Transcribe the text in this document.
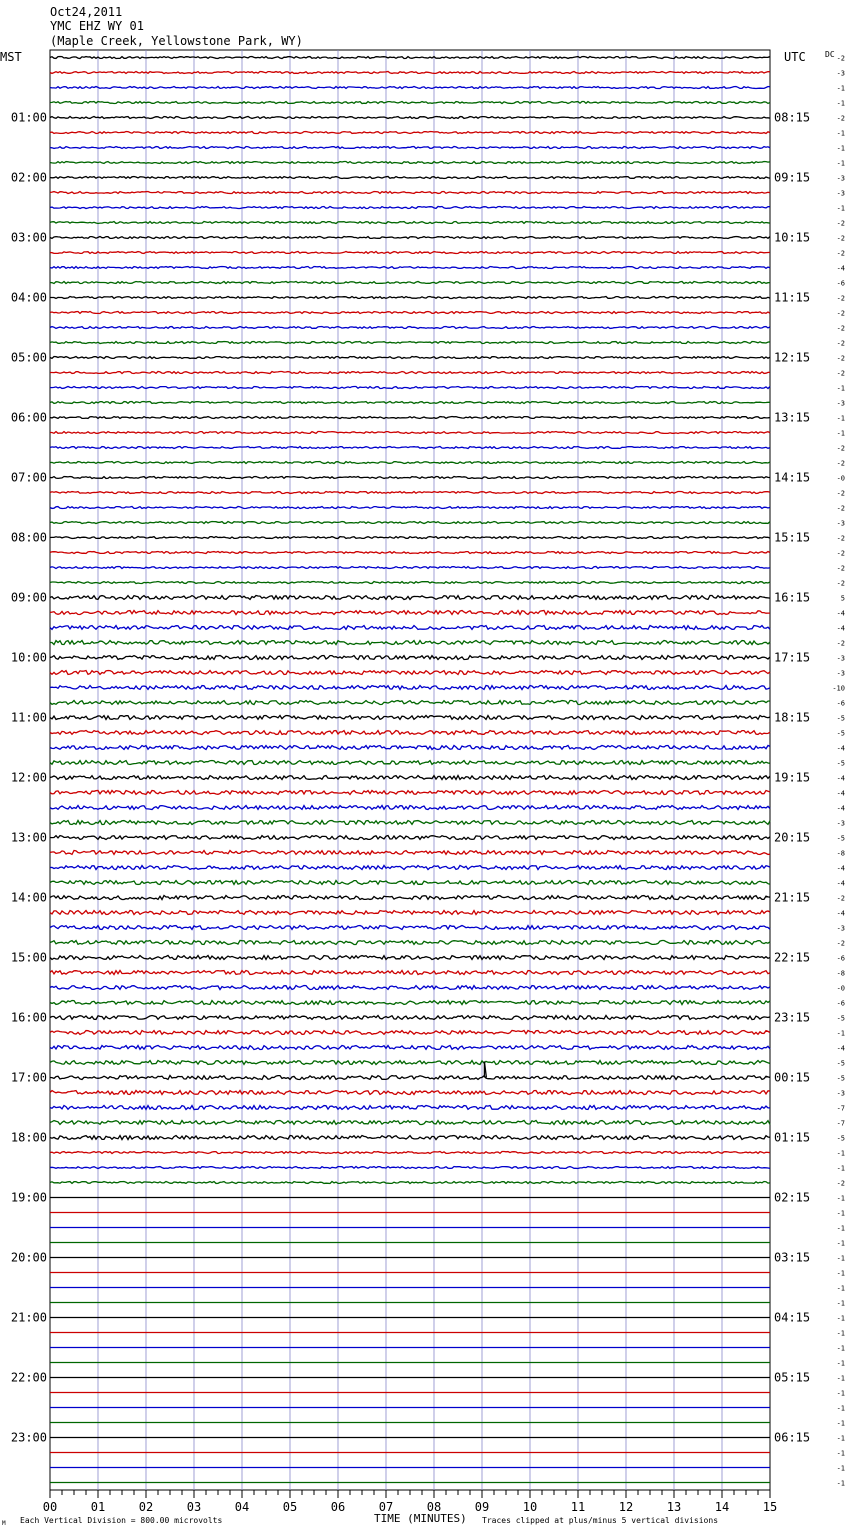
Oct24,2011
YMC EHZ WY 01
(Maple Creek, Yellowstone Park, WY)
MST	UTC DC
01:00
02:00
03:00
04:00
05:00
06:00
07:00
08:00
09:00
10:00
11:00
12:00
13:00
14:00
15:00
16:00
17:00
18:00
19:00
20:00
21:00
22:00
23:00
08:15
09:15
10:15
11:15
12:15
13:15
14:15
15:15
16:15
17:15
18:15
19:15
20:15
21:15
22:15
23:15
00:15
01:15
02:15
03:15
04:15
05:15
06:15
-2
-3
-1
-1
-2
-1
-1
-1
-3
-3
-1
-2
-2
-2
-4
-6
-2
-2
-2
-2
-2
-2
-1
-3
-1
-1
-2
-2
-0
-2
-2
-3
-2
-2
-2
-2
5
-4
-4
-2
-3
-3
-10
-6
-5
-5
-4
-5
-4
-4
-4
-3
-5
-8
-4
-4
-2
-4
-3
-2
-6
-8
-0
-6
-5
-1
-4
-5
-5
-3
-7
-7
-5
-1
-1
-2
-1
-1
-1
-1
-1
-1
-1
-1
-1
-1
-1
-1
-1
-1
-1
-1
-1
-1
-1
-1
00	01	02	03	04	05	06	07	08	09	10	11	12	13	14	15
TIME (MINUTES)
Each Vertical Division = 800.00 microvolts	Traces clipped at plus/minus 5 vertical divisions
M
